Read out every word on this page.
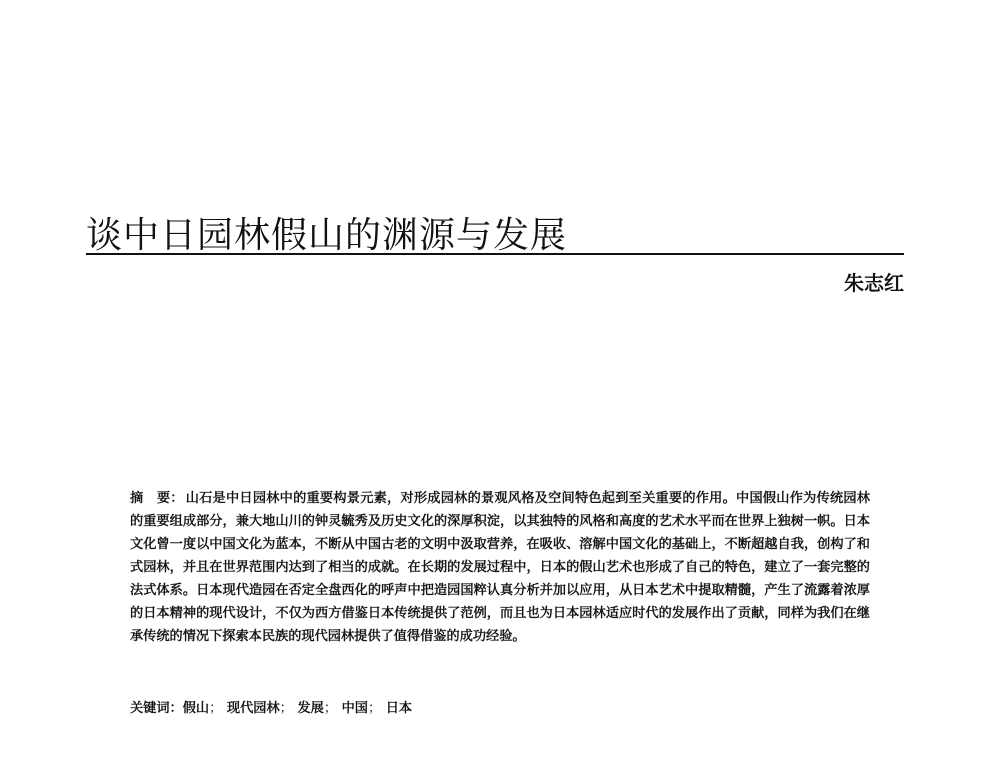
谈中日园林假山的渊源与发展
朱志红
摘　要： 山石是中日园林中的重要构景元素，对形成园林的景观风格及空间特色起到至关重要的作用。中国假山作为传统园林的重要组成部分，兼大地山川的钟灵毓秀及历史文化的深厚积淀，以其独特的风格和高度的艺术水平而在世界上独树一帜。日本文化曾一度以中国文化为蓝本，不断从中国古老的文明中汲取营养，在吸收、溶解中国文化的基础上，不断超越自我，创构了和式园林，并且在世界范围内达到了相当的成就。在长期的发展过程中，日本的假山艺术也形成了自己的特色，建立了一套完整的法式体系。日本现代造园在否定全盘西化的呼声中把造园国粹认真分析并加以应用，从日本艺术中提取精髓，产生了流露着浓厚的日本精神的现代设计，不仅为西方借鉴日本传统提供了范例，而且也为日本园林适应时代的发展作出了贡献，同样为我们在继承传统的情况下探索本民族的现代园林提供了值得借鉴的成功经验。
关键词：假山； 现代园林； 发展； 中国； 日本
